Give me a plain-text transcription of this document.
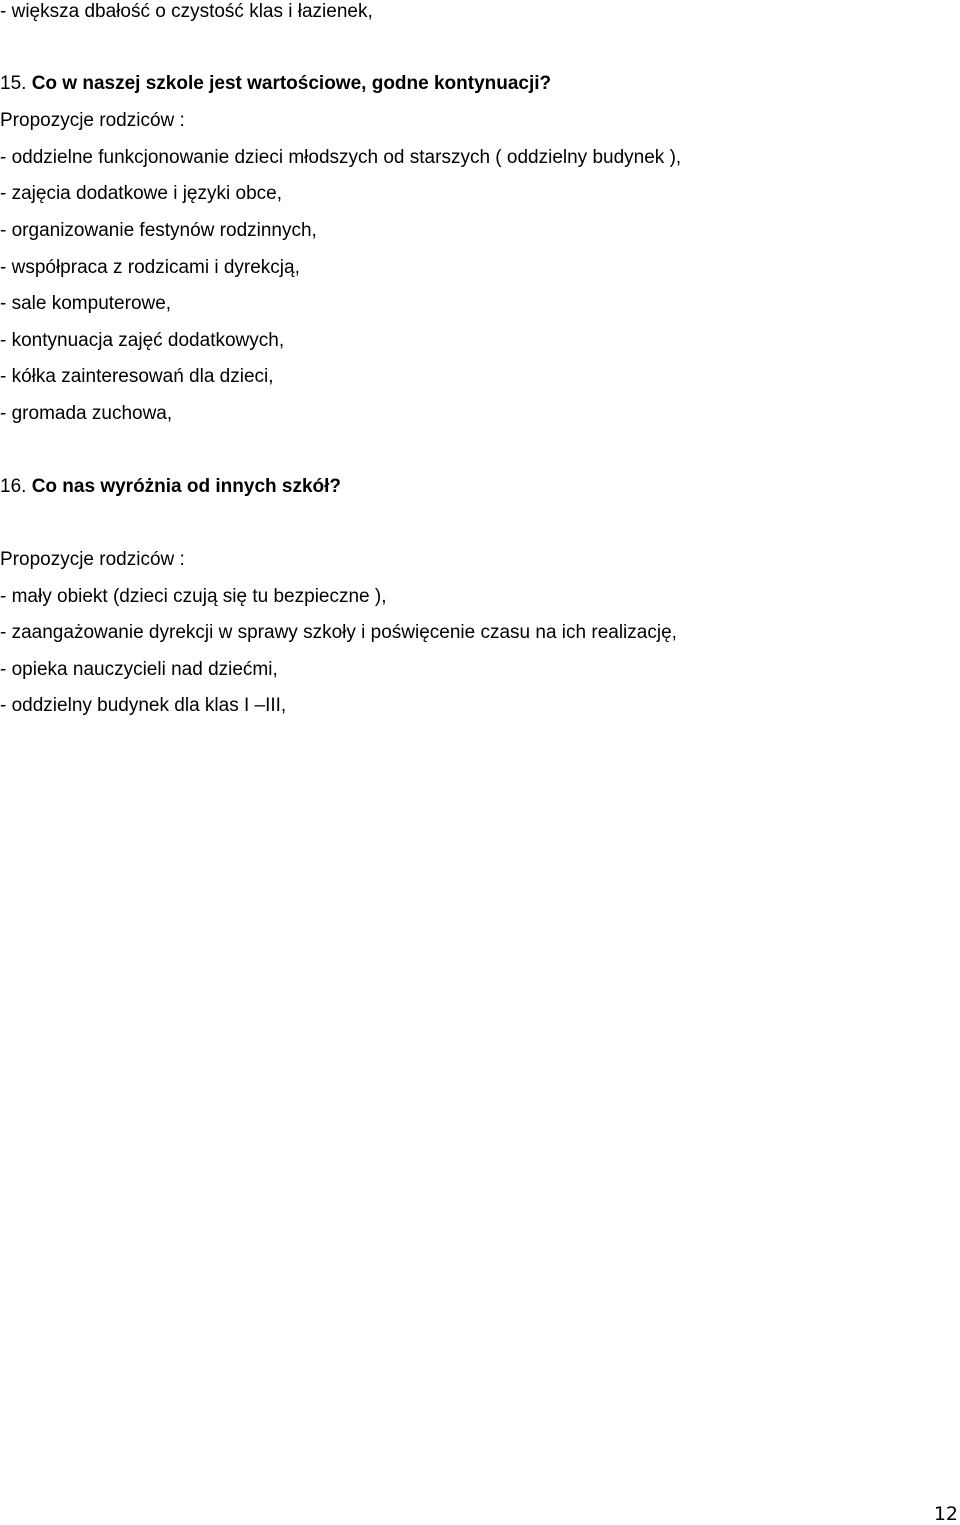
- większa dbałość o czystość klas i łazienek,
15. Co w naszej szkole jest wartościowe, godne kontynuacji?
Propozycje rodziców :
- oddzielne funkcjonowanie dzieci młodszych od starszych ( oddzielny budynek ),
- zajęcia dodatkowe i języki obce,
- organizowanie festynów rodzinnych,
- współpraca z rodzicami i dyrekcją,
- sale komputerowe,
- kontynuacja zajęć dodatkowych,
- kółka zainteresowań dla dzieci,
- gromada zuchowa,
16. Co nas wyróżnia od innych szkół?
Propozycje rodziców :
- mały obiekt (dzieci czują się tu bezpieczne ),
- zaangażowanie dyrekcji w sprawy szkoły i poświęcenie czasu na ich realizację,
- opieka nauczycieli nad dziećmi,
- oddzielny budynek dla klas I –III,
12
